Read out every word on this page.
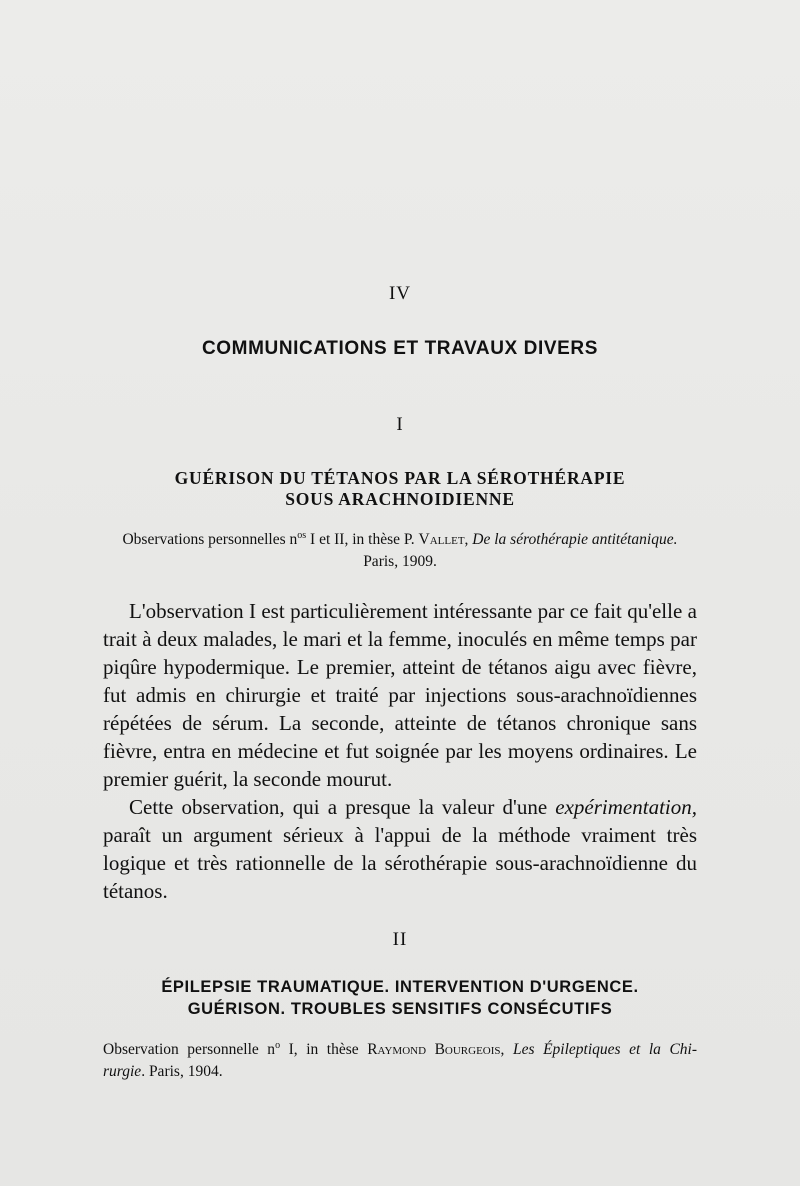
IV
COMMUNICATIONS ET TRAVAUX DIVERS
I
GUÉRISON DU TÉTANOS PAR LA SÉROTHÉRAPIE
SOUS ARACHNOIDIENNE
Observations personnelles $n^{os}$ I et II, in thèse P. Vallet, De la sérothérapie antitétanique.
Paris, 1909.

L'observation I est particulièrement intéressante par ce fait qu'elle a trait à deux malades, le mari et la femme, inoculés en même temps par piqûre hypodermique. Le premier, atteint de tétanos aigu avec fièvre, fut admis en chirurgie et traité par injections sous-arachnoïdiennes répétées de sérum. La seconde, atteinte de tétanos chronique sans fièvre, entra en médecine et fut soignée par les moyens ordinaires. Le premier guérit, la seconde mourut.

Cette observation, qui a presque la valeur d'une expérimentation, paraît un argument sérieux à l'appui de la méthode vraiment très logique et très rationnelle de la sérothérapie sous-arachnoïdienne du tétanos.

II
ÉPILEPSIE TRAUMATIQUE. INTERVENTION D'URGENCE.
GUÉRISON. TROUBLES SENSITIFS CONSÉCUTIFS
Observation personnelle $n^o$ I, in thèse Raymond Bourgeois, Les Épileptiques et la Chi-
rurgie. Paris, 1904.
